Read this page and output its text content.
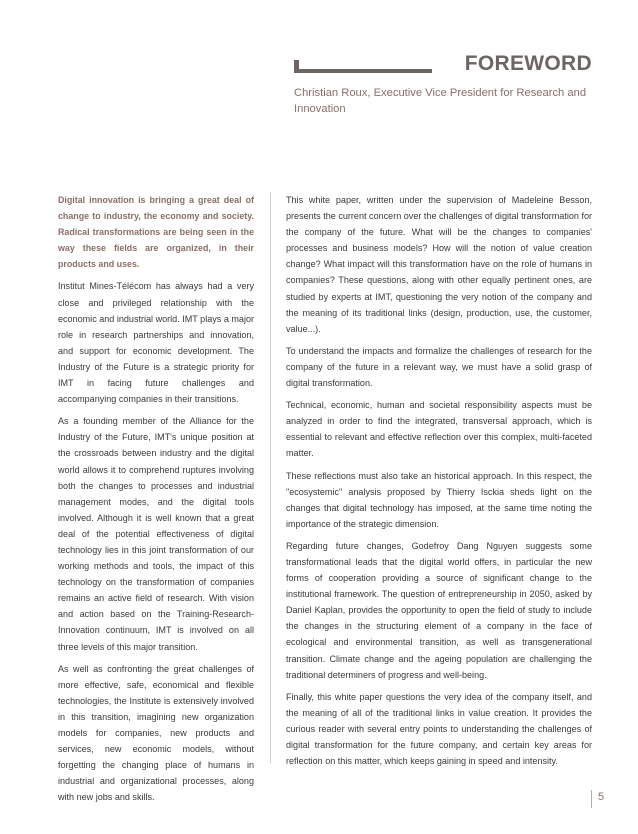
FOREWORD
Christian Roux, Executive Vice President for Research and Innovation

Digital innovation is bringing a great deal of change to industry, the economy and society. Radical transformations are being seen in the way these fields are organized, in their products and uses.

Institut Mines-Télécom has always had a very close and privileged relationship with the economic and industrial world. IMT plays a major role in research partnerships and innovation, and support for economic development. The Industry of the Future is a strategic priority for IMT in facing future challenges and accompanying companies in their transitions.

As a founding member of the Alliance for the Industry of the Future, IMT's unique position at the crossroads between industry and the digital world allows it to comprehend ruptures involving both the changes to processes and industrial management modes, and the digital tools involved. Although it is well known that a great deal of the potential effectiveness of digital technology lies in this joint transformation of our working methods and tools, the impact of this technology on the transformation of companies remains an active field of research. With vision and action based on the Training-Research-Innovation continuum, IMT is involved on all three levels of this major transition.

As well as confronting the great challenges of more effective, safe, economical and flexible technologies, the Institute is extensively involved in this transition, imagining new organization models for companies, new products and services, new economic models, without forgetting the changing place of humans in industrial and organizational processes, along with new jobs and skills.

This white paper, written under the supervision of Madeleine Besson, presents the current concern over the challenges of digital transformation for the company of the future. What will be the changes to companies' processes and business models? How will the notion of value creation change? What impact will this transformation have on the role of humans in companies? These questions, along with other equally pertinent ones, are studied by experts at IMT, questioning the very notion of the company and the meaning of its traditional links (design, production, use, the customer, value...).

To understand the impacts and formalize the challenges of research for the company of the future in a relevant way, we must have a solid grasp of digital transformation.

Technical, economic, human and societal responsibility aspects must be analyzed in order to find the integrated, transversal approach, which is essential to relevant and effective reflection over this complex, multi-faceted matter.

These reflections must also take an historical approach. In this respect, the "ecosystemic" analysis proposed by Thierry Isckia sheds light on the changes that digital technology has imposed, at the same time noting the importance of the strategic dimension.

Regarding future changes, Godefroy Dang Nguyen suggests some transformational leads that the digital world offers, in particular the new forms of cooperation providing a source of significant change to the institutional framework. The question of entrepreneurship in 2050, asked by Daniel Kaplan, provides the opportunity to open the field of study to include the changes in the structuring element of a company in the face of ecological and environmental transition, as well as transgenerational transition. Climate change and the ageing population are challenging the traditional determiners of progress and well-being.

Finally, this white paper questions the very idea of the company itself, and the meaning of all of the traditional links in value creation. It provides the curious reader with several entry points to understanding the challenges of digital transformation for the future company, and certain key areas for reflection on this matter, which keeps gaining in speed and intensity.

5
